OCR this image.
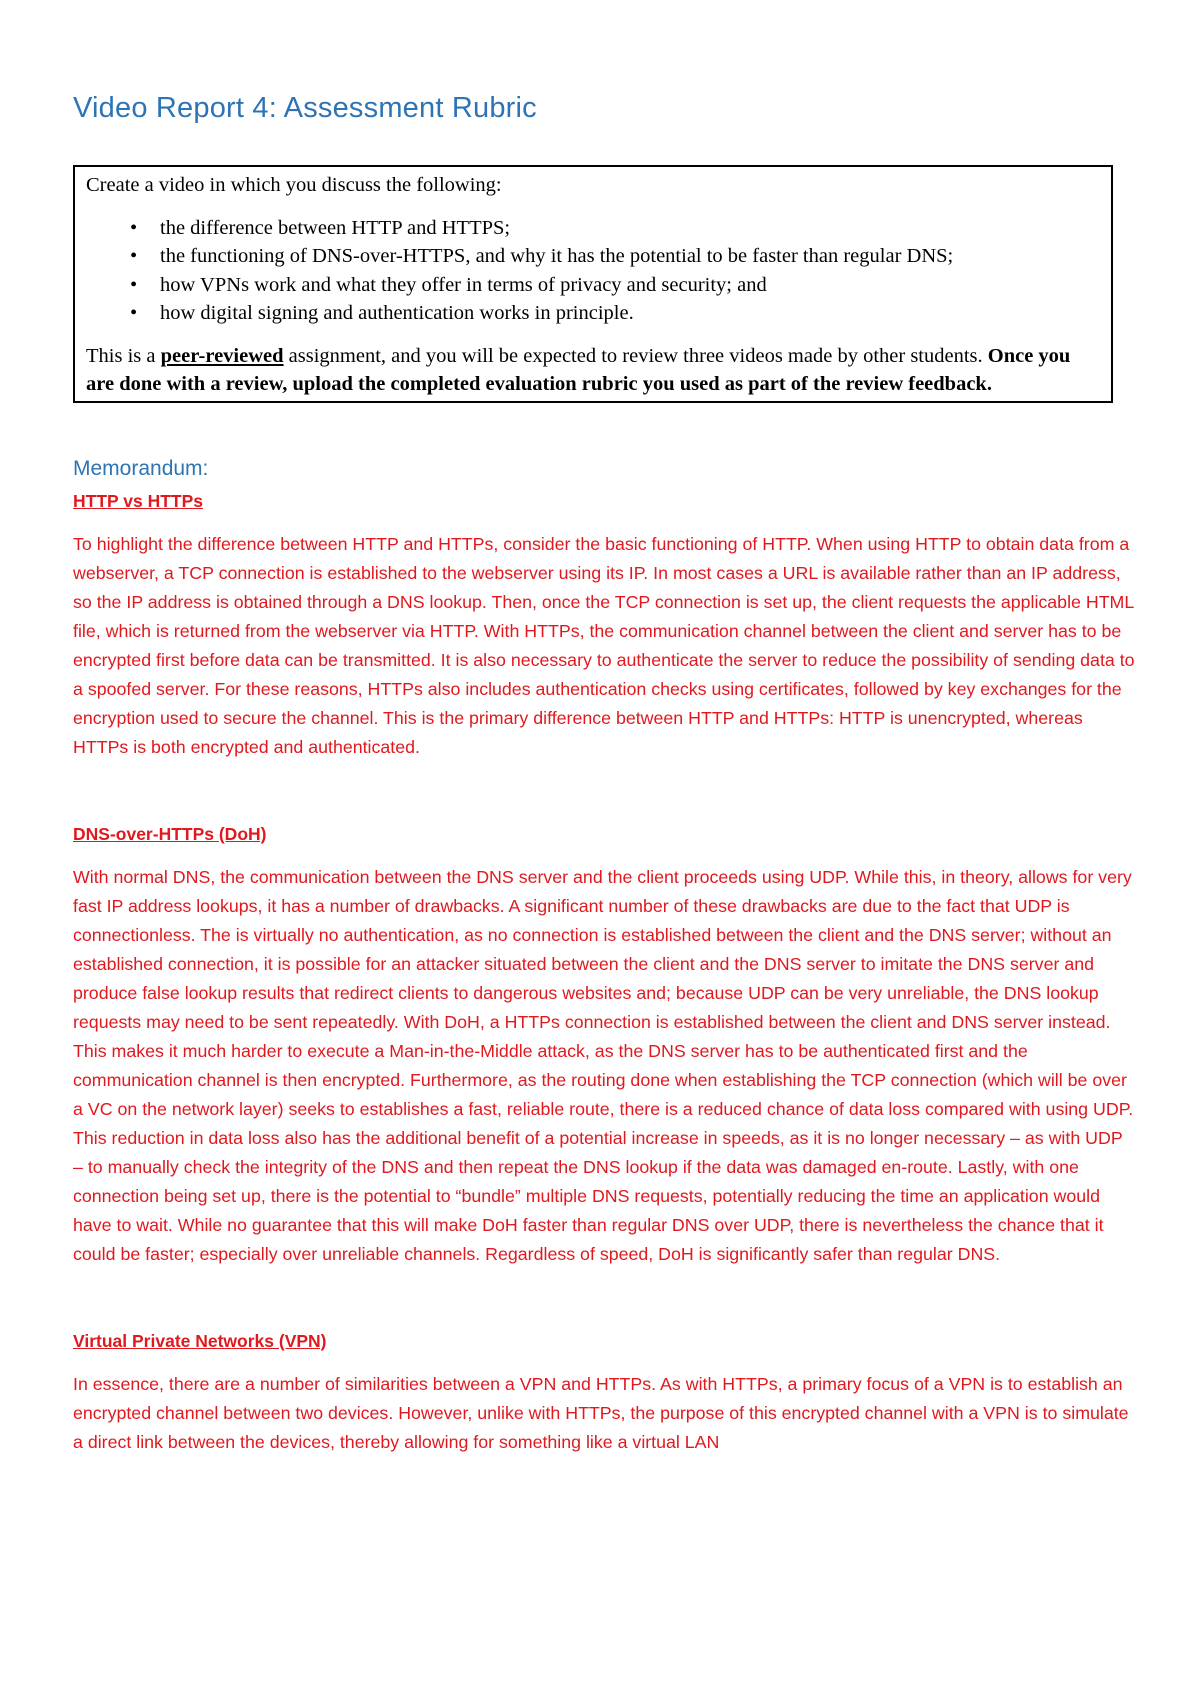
Video Report 4: Assessment Rubric

Create a video in which you discuss the following:

• the difference between HTTP and HTTPS;
• the functioning of DNS-over-HTTPS, and why it has the potential to be faster than regular DNS;
• how VPNs work and what they offer in terms of privacy and security; and
• how digital signing and authentication works in principle.

This is a peer-reviewed assignment, and you will be expected to review three videos made by other students. Once you are done with a review, upload the completed evaluation rubric you used as part of the review feedback.

Memorandum:

HTTP vs HTTPs

To highlight the difference between HTTP and HTTPs, consider the basic functioning of HTTP. When using HTTP to obtain data from a webserver, a TCP connection is established to the webserver using its IP. In most cases a URL is available rather than an IP address, so the IP address is obtained through a DNS lookup. Then, once the TCP connection is set up, the client requests the applicable HTML file, which is returned from the webserver via HTTP. With HTTPs, the communication channel between the client and server has to be encrypted first before data can be transmitted. It is also necessary to authenticate the server to reduce the possibility of sending data to a spoofed server. For these reasons, HTTPs also includes authentication checks using certificates, followed by key exchanges for the encryption used to secure the channel. This is the primary difference between HTTP and HTTPs: HTTP is unencrypted, whereas HTTPs is both encrypted and authenticated.

DNS-over-HTTPs (DoH)

With normal DNS, the communication between the DNS server and the client proceeds using UDP. While this, in theory, allows for very fast IP address lookups, it has a number of drawbacks. A significant number of these drawbacks are due to the fact that UDP is connectionless. The is virtually no authentication, as no connection is established between the client and the DNS server; without an established connection, it is possible for an attacker situated between the client and the DNS server to imitate the DNS server and produce false lookup results that redirect clients to dangerous websites and; because UDP can be very unreliable, the DNS lookup requests may need to be sent repeatedly. With DoH, a HTTPs connection is established between the client and DNS server instead. This makes it much harder to execute a Man-in-the-Middle attack, as the DNS server has to be authenticated first and the communication channel is then encrypted. Furthermore, as the routing done when establishing the TCP connection (which will be over a VC on the network layer) seeks to establishes a fast, reliable route, there is a reduced chance of data loss compared with using UDP. This reduction in data loss also has the additional benefit of a potential increase in speeds, as it is no longer necessary – as with UDP – to manually check the integrity of the DNS and then repeat the DNS lookup if the data was damaged en-route. Lastly, with one connection being set up, there is the potential to “bundle” multiple DNS requests, potentially reducing the time an application would have to wait. While no guarantee that this will make DoH faster than regular DNS over UDP, there is nevertheless the chance that it could be faster; especially over unreliable channels. Regardless of speed, DoH is significantly safer than regular DNS.

Virtual Private Networks (VPN)

In essence, there are a number of similarities between a VPN and HTTPs. As with HTTPs, a primary focus of a VPN is to establish an encrypted channel between two devices. However, unlike with HTTPs, the purpose of this encrypted channel with a VPN is to simulate a direct link between the devices, thereby allowing for something like a virtual LAN
